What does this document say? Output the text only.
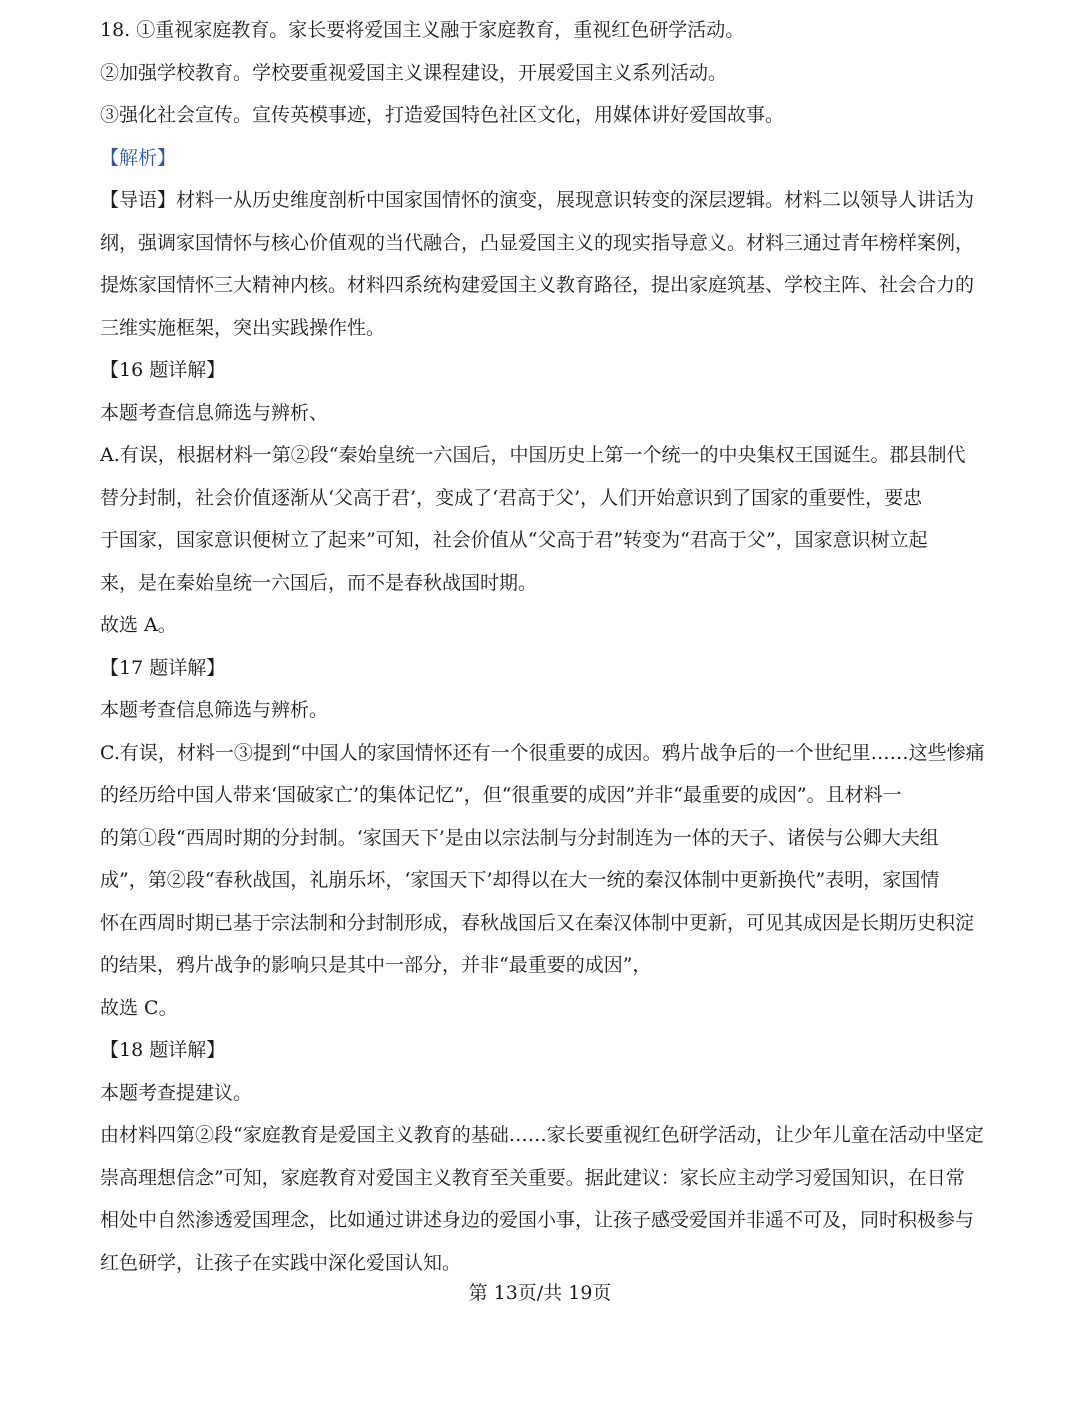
18. ①重视家庭教育。家长要将爱国主义融于家庭教育，重视红色研学活动。
②加强学校教育。学校要重视爱国主义课程建设，开展爱国主义系列活动。
③强化社会宣传。宣传英模事迹，打造爱国特色社区文化，用媒体讲好爱国故事。
【解析】
【导语】材料一从历史维度剖析中国家国情怀的演变，展现意识转变的深层逻辑。材料二以领导人讲话为
纲，强调家国情怀与核心价值观的当代融合，凸显爱国主义的现实指导意义。材料三通过青年榜样案例，
提炼家国情怀三大精神内核。材料四系统构建爱国主义教育路径，提出家庭筑基、学校主阵、社会合力的
三维实施框架，突出实践操作性。
【16 题详解】
本题考查信息筛选与辨析、
A.有误，根据材料一第②段“秦始皇统一六国后，中国历史上第一个统一的中央集权王国诞生。郡县制代
替分封制，社会价值逐渐从‘父高于君’，变成了‘君高于父’，人们开始意识到了国家的重要性，要忠
于国家，国家意识便树立了起来”可知，社会价值从“父高于君”转变为“君高于父”，国家意识树立起
来，是在秦始皇统一六国后，而不是春秋战国时期。
故选 A。
【17 题详解】
本题考查信息筛选与辨析。
C.有误，材料一③提到“中国人的家国情怀还有一个很重要的成因。鸦片战争后的一个世纪里……这些惨痛
的经历给中国人带来‘国破家亡’的集体记忆”，但“很重要的成因”并非“最重要的成因”。且材料一
的第①段“西周时期的分封制。‘家国天下’是由以宗法制与分封制连为一体的天子、诸侯与公卿大夫组
成”，第②段“春秋战国，礼崩乐坏，‘家国天下’却得以在大一统的秦汉体制中更新换代”表明，家国情
怀在西周时期已基于宗法制和分封制形成，春秋战国后又在秦汉体制中更新，可见其成因是长期历史积淀
的结果，鸦片战争的影响只是其中一部分，并非“最重要的成因”，
故选 C。
【18 题详解】
本题考查提建议。
由材料四第②段“家庭教育是爱国主义教育的基础……家长要重视红色研学活动，让少年儿童在活动中坚定
崇高理想信念”可知，家庭教育对爱国主义教育至关重要。据此建议：家长应主动学习爱国知识，在日常
相处中自然渗透爱国理念，比如通过讲述身边的爱国小事，让孩子感受爱国并非遥不可及，同时积极参与
红色研学，让孩子在实践中深化爱国认知。
第 13页/共 19页
